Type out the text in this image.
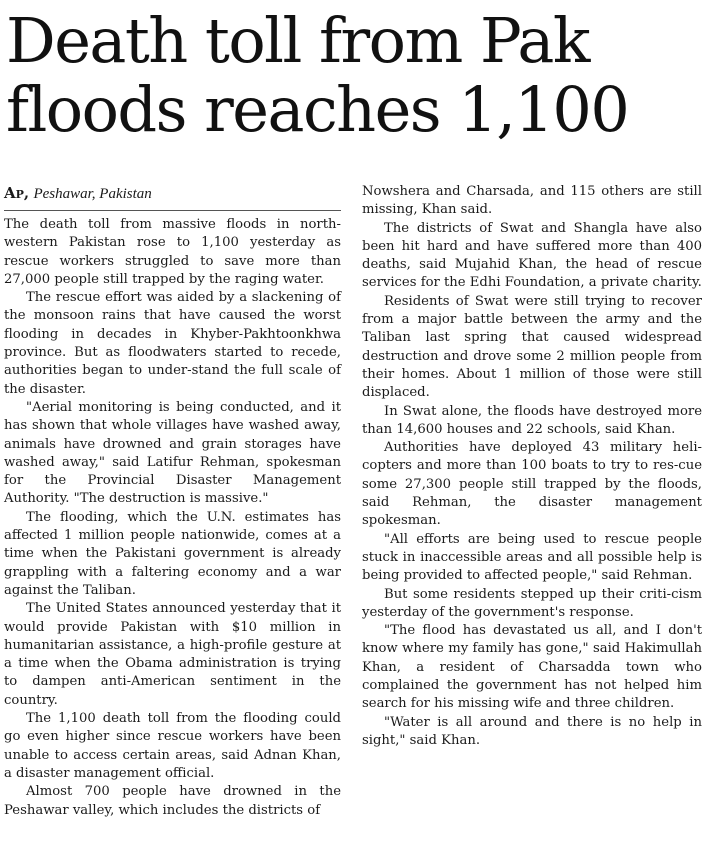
Death toll from Pak floods reaches 1,100
Ap, Peshawar, Pakistan

The death toll from massive floods in north-western Pakistan rose to 1,100 yesterday as rescue workers struggled to save more than 27,000 people still trapped by the raging water.

The rescue effort was aided by a slackening of the monsoon rains that have caused the worst flooding in decades in Khyber-Pakhtoonkhwa province. But as floodwaters started to recede, authorities began to under-stand the full scale of the disaster.

"Aerial monitoring is being conducted, and it has shown that whole villages have washed away, animals have drowned and grain storages have washed away," said Latifur Rehman, spokesman for the Provincial Disaster Management Authority. "The destruction is massive."

The flooding, which the U.N. estimates has affected 1 million people nationwide, comes at a time when the Pakistani government is already grappling with a faltering economy and a war against the Taliban.

The United States announced yesterday that it would provide Pakistan with $10 million in humanitarian assistance, a high-profile gesture at a time when the Obama administration is trying to dampen anti-American sentiment in the country.

The 1,100 death toll from the flooding could go even higher since rescue workers have been unable to access certain areas, said Adnan Khan, a disaster management official.

Almost 700 people have drowned in the Peshawar valley, which includes the districts of

Nowshera and Charsada, and 115 others are still missing, Khan said.

The districts of Swat and Shangla have also been hit hard and have suffered more than 400 deaths, said Mujahid Khan, the head of rescue services for the Edhi Foundation, a private charity.

Residents of Swat were still trying to recover from a major battle between the army and the Taliban last spring that caused widespread destruction and drove some 2 million people from their homes. About 1 million of those were still displaced.

In Swat alone, the floods have destroyed more than 14,600 houses and 22 schools, said Khan.

Authorities have deployed 43 military heli-copters and more than 100 boats to try to res-cue some 27,300 people still trapped by the floods, said Rehman, the disaster management spokesman.

"All efforts are being used to rescue people stuck in inaccessible areas and all possible help is being provided to affected people," said Rehman.

But some residents stepped up their criti-cism yesterday of the government's response.

"The flood has devastated us all, and I don't know where my family has gone," said Hakimullah Khan, a resident of Charsadda town who complained the government has not helped him search for his missing wife and three children.

"Water is all around and there is no help in sight," said Khan.
